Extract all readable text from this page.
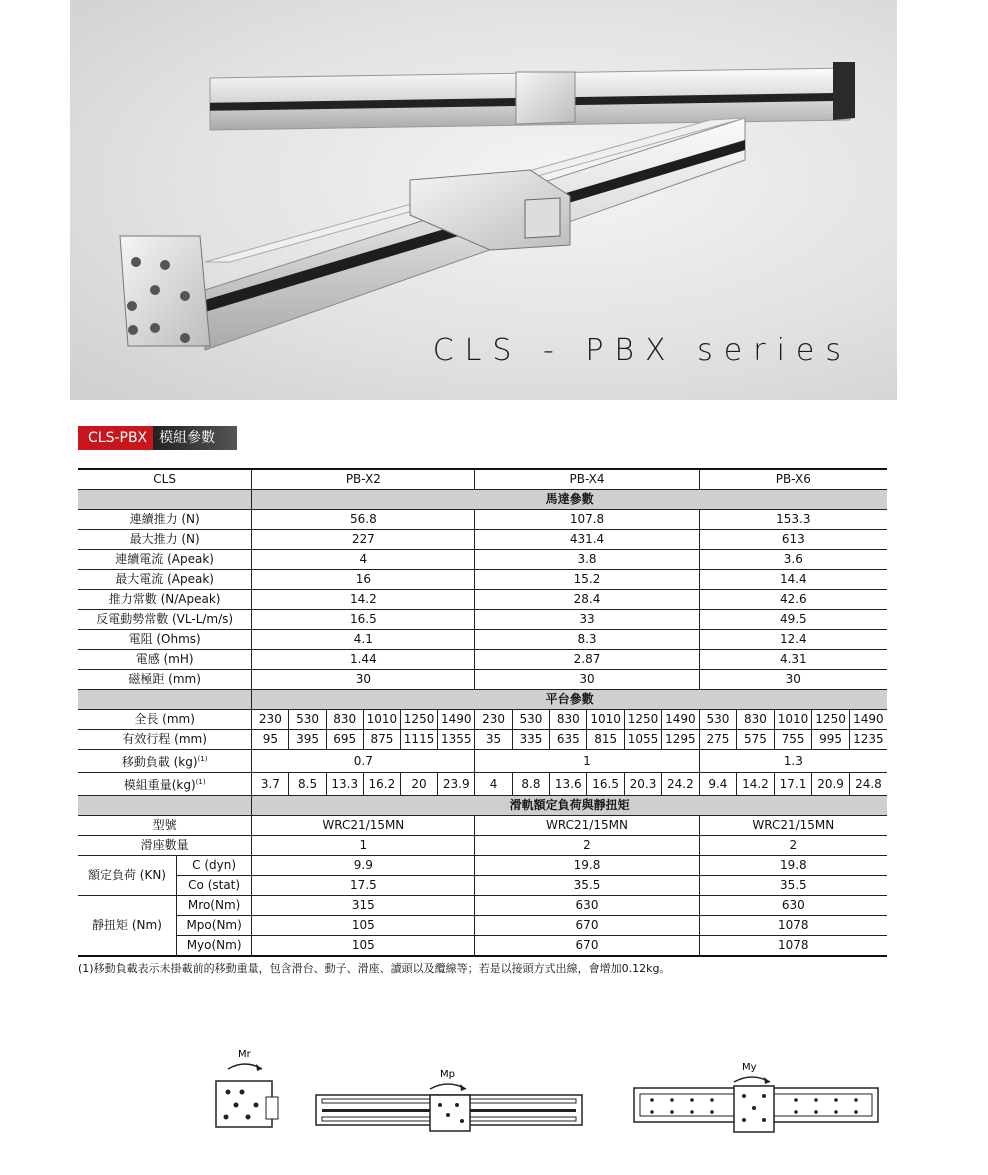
CLS - PBX series
CLS-PBX 模組參數
CLS		PB-X2						PB-X4						PB-X6				
		馬達參數																
連續推力 (N)		56.8						107.8						153.3				
最大推力 (N)		227						431.4						613				
連續電流 (Apeak)		4						3.8						3.6				
最大電流 (Apeak)		16						15.2						14.4				
推力常數 (N/Apeak)		14.2						28.4						42.6				
反電動勢常數 (VL-L/m/s)		16.5						33						49.5				
電阻 (Ohms)		4.1						8.3						12.4				
電感 (mH)		1.44						2.87						4.31				
磁極距 (mm)		30						30						30				
		平台參數																
全長 (mm)		230	530	830	1010	1250	1490	230	530	830	1010	1250	1490	530	830	1010	1250	1490
有效行程 (mm)		95	395	695	875	1115	1355	35	335	635	815	1055	1295	275	575	755	995	1235
移動負載 (kg)$^{(1)}$		0.7						1						1.3				
模組重量(kg)$^{(1)}$		3.7	8.5	13.3	16.2	20	23.9	4	8.8	13.6	16.5	20.3	24.2	9.4	14.2	17.1	20.9	24.8
		滑軌額定負荷與靜扭矩																
型號		WRC21/15MN						WRC21/15MN						WRC21/15MN				
滑座數量		1						2						2				
額定負荷 (KN)	C (dyn)	9.9						19.8						19.8				
	Co (stat)	17.5						35.5						35.5				
靜扭矩 (Nm)	Mro(Nm)	315						630						630				
	Mpo(Nm)	105						670						1078				
	Myo(Nm)	105						670						1078				
(1)移動負載表示未掛載前的移動重量，包含滑台、動子、滑座、讀頭以及纜線等；若是以接頭方式出線，會增加0.12kg。
Mr
Mp
My
